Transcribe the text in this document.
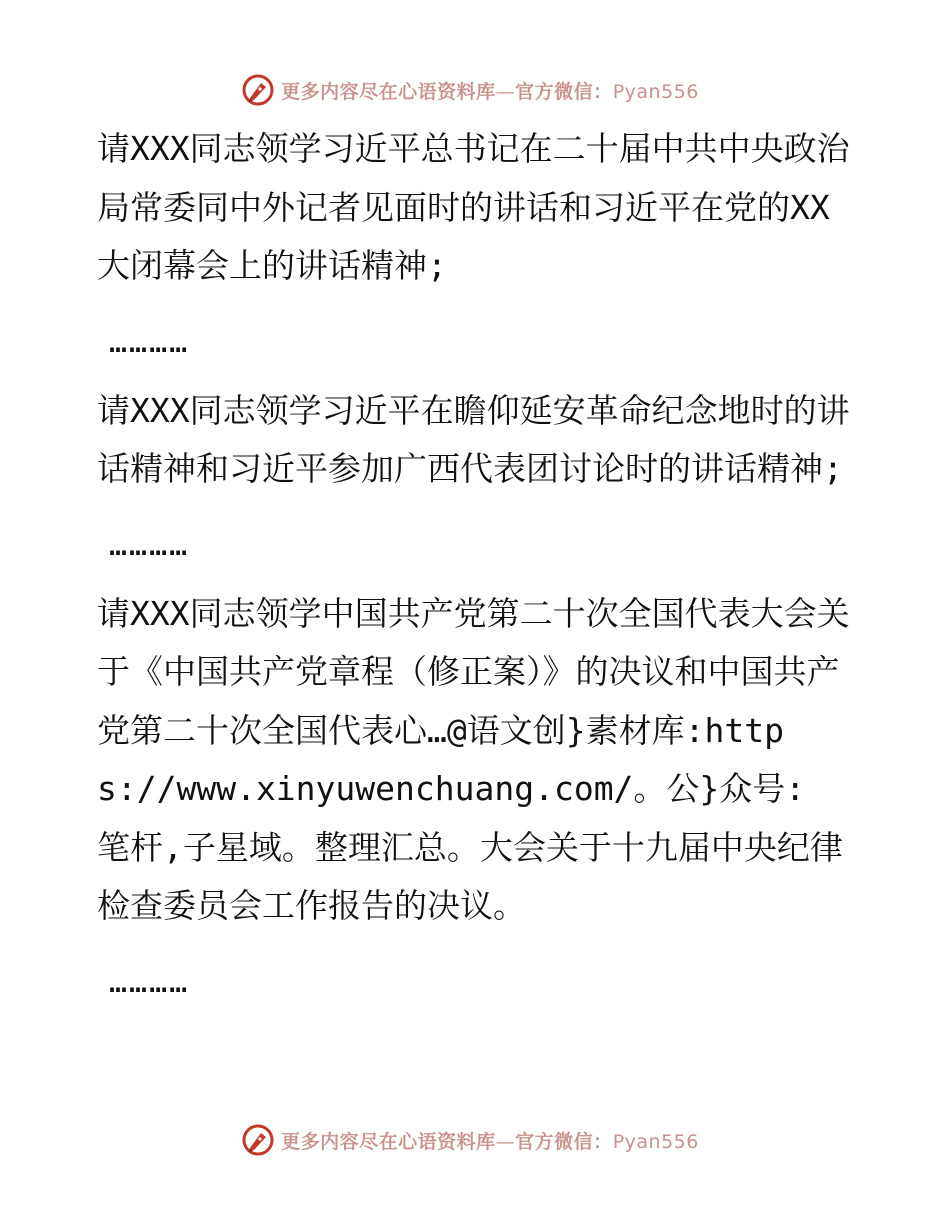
更多内容尽在心语资料库—官方微信：Pyan556

请XXX同志领学习近平总书记在二十届中共中央政治局常委同中外记者见面时的讲话和习近平在党的XX大闭幕会上的讲话精神;

…………

请XXX同志领学习近平在瞻仰延安革命纪念地时的讲话精神和习近平参加广西代表团讨论时的讲话精神;

…………

请XXX同志领学中国共产党第二十次全国代表大会关于《中国共产党章程（修正案）》的决议和中国共产党第二十次全国代表心…@语文创}素材库:https://www.xinyuwenchuang.com/。公}众号: 笔杆,子星域。整理汇总。大会关于十九届中央纪律检查委员会工作报告的决议。

…………
更多内容尽在心语资料库—官方微信：Pyan556
